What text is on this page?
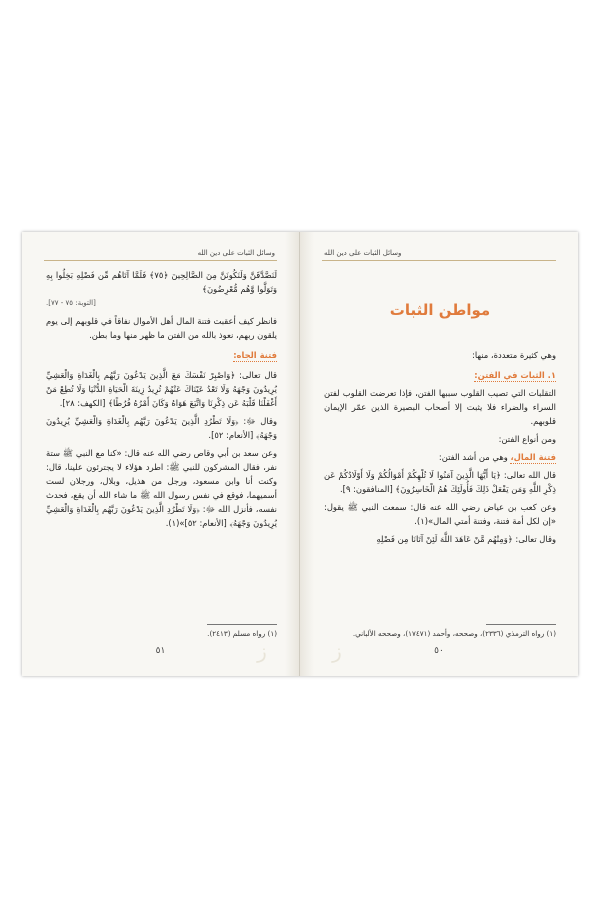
وسائل الثبات على دين الله

لَنَصَّدَّقَنَّ وَلَنَكُونَنَّ مِنَ الصَّالِحِينَ ﴿٧٥﴾ فَلَمَّا آتَاهُم مِّن فَضْلِهِ بَخِلُوا بِهِ وَتَوَلَّوا وَّهُم مُّعْرِضُونَ﴾

[التوبة: ٧٥ - ٧٧].

فانظر كيف أعقبت فتنة المال أهل الأموال نفاقاً في قلوبهم إلى يوم يلقون ربهم، نعوذ بالله من الفتن ما ظهر منها وما بطن.

فتنة الجاه:

قال تعالى: ﴿وَاصْبِرْ نَفْسَكَ مَعَ الَّذِينَ يَدْعُونَ رَبَّهُم بِالْغَدَاةِ وَالْعَشِيِّ يُرِيدُونَ وَجْهَهُ وَلَا تَعْدُ عَيْنَاكَ عَنْهُمْ تُرِيدُ زِينَةَ الْحَيَاةِ الدُّنْيَا وَلَا تُطِعْ مَنْ أَغْفَلْنَا قَلْبَهُ عَن ذِكْرِنَا وَاتَّبَعَ هَوَاهُ وَكَانَ أَمْرُهُ فُرُطًا﴾ [الكهف: ٢٨].

وقال ﷻ: ﴿وَلَا تَطْرُدِ الَّذِينَ يَدْعُونَ رَبَّهُم بِالْغَدَاةِ وَالْعَشِيِّ يُرِيدُونَ وَجْهَهُ﴾ [الأنعام: ٥٢].

وعن سعد بن أبي وقاص رضي الله عنه قال: «كنا مع النبي ﷺ ستة نفر، فقال المشركون للنبي ﷺ: اطرد هؤلاء لا يجترئون علينا، قال: وكنت أنا وابن مسعود، ورجل من هذيل، وبلال، ورجلان لست أسميهما، فوقع في نفس رسول الله ﷺ ما شاء الله أن يقع، فحدث نفسه، فأنزل الله ﷻ: ﴿وَلَا تَطْرُدِ الَّذِينَ يَدْعُونَ رَبَّهُم بِالْغَدَاةِ وَالْعَشِيِّ يُرِيدُونَ وَجْهَهُ﴾ [الأنعام: ٥٢]»(١).

(١) رواه مسلم (٢٤١٣).
٥١	ز
وسائل الثبات على دين الله
مواطن الثبات

وهي كثيرة متعددة، منها:

١. الثبات في الفتن:

التقلبات التي تصيب القلوب سببها الفتن، فإذا تعرضت القلوب لفتن السراء والضراء فلا يثبت إلا أصحاب البصيرة الذين عمّر الإيمان قلوبهم.

ومن أنواع الفتن:

فتنة المال، وهي من أشد الفتن:

قال الله تعالى: ﴿يَا أَيُّهَا الَّذِينَ آمَنُوا لَا تُلْهِكُمْ أَمْوَالُكُمْ وَلَا أَوْلَادُكُمْ عَن ذِكْرِ اللَّهِ وَمَن يَفْعَلْ ذَلِكَ فَأُولَئِكَ هُمُ الْخَاسِرُونَ﴾ [المنافقون: ٩].

وعن كعب بن عياض رضي الله عنه قال: سمعت النبي ﷺ يقول: «إن لكل أمة فتنة، وفتنة أمتي المال»(١).

وقال تعالى: ﴿وَمِنْهُم مَّنْ عَاهَدَ اللَّهَ لَئِنْ آتَانَا مِن فَضْلِهِ

(١) رواه الترمذي (٢٣٣٦)، وصححه، وأحمد (١٧٤٧١)، وصححه الألباني.
٥٠
ز
